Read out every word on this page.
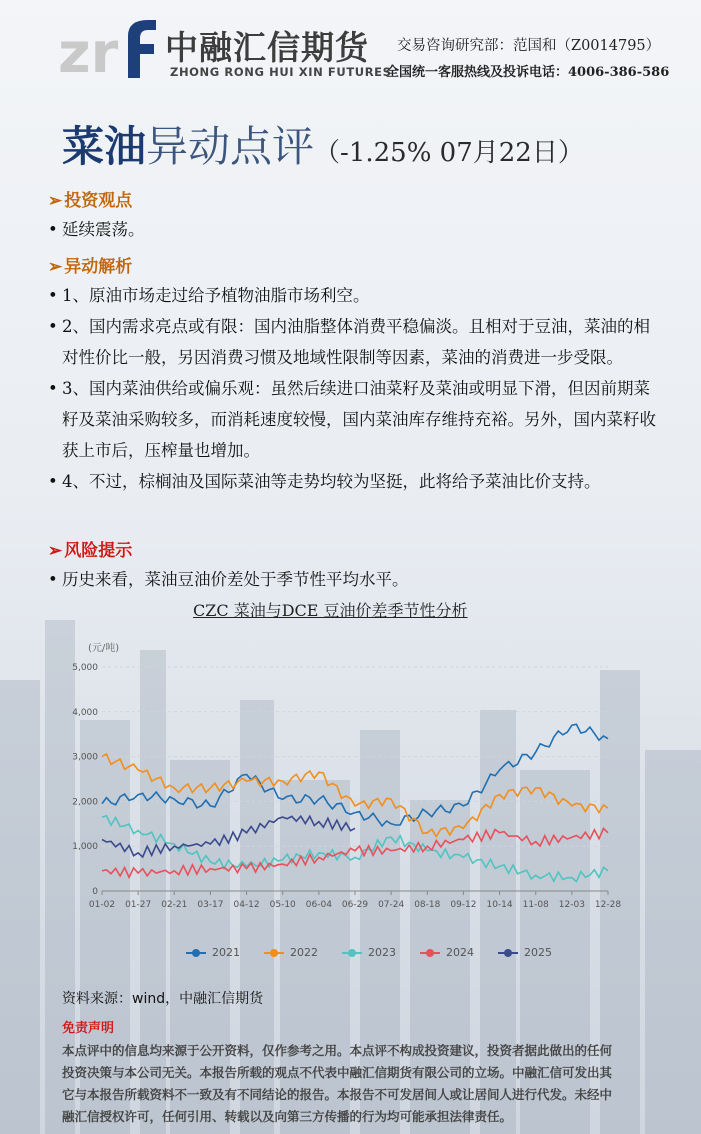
zr 中融汇信期货
ZHONG RONG HUI XIN FUTURES
交易咨询研究部：范国和（Z0014795）
全国统一客服热线及投诉电话：4006-386-586
菜油异动点评（-1.25% 07月22日）
➢ 投资观点
• 延续震荡。
➢ 异动解析
• 1、原油市场走过给予植物油脂市场利空。
• 2、国内需求亮点或有限：国内油脂整体消费平稳偏淡。且相对于豆油，菜油的相对性价比一般，另因消费习惯及地域性限制等因素，菜油的消费进一步受限。
• 3、国内菜油供给或偏乐观：虽然后续进口油菜籽及菜油或明显下滑，但因前期菜籽及菜油采购较多，而消耗速度较慢，国内菜油库存维持充裕。另外，国内菜籽收获上市后，压榨量也增加。
• 4、不过，棕榈油及国际菜油等走势均较为坚挺，此将给予菜油比价支持。
➢ 风险提示
• 历史来看，菜油豆油价差处于季节性平均水平。
CZC 菜油与DCE 豆油价差季节性分析
(元/吨)
0
1,000
2,000
3,000
4,000
5,000
01-02 01-27 02-21 03-17 04-12 05-10 06-04 06-29 07-24 08-18 09-12 10-14 11-08 12-03 12-28
2021	2022	2023	2024	2025
资料来源：wind，中融汇信期货
免责声明
本点评中的信息均来源于公开资料，仅作参考之用。本点评不构成投资建议，投资者据此做出的任何
投资决策与本公司无关。本报告所载的观点不代表中融汇信期货有限公司的立场。中融汇信可发出其
它与本报告所载资料不一致及有不同结论的报告。本报告不可发居间人或让居间人进行代发。未经中
融汇信授权许可，任何引用、转载以及向第三方传播的行为均可能承担法律责任。
